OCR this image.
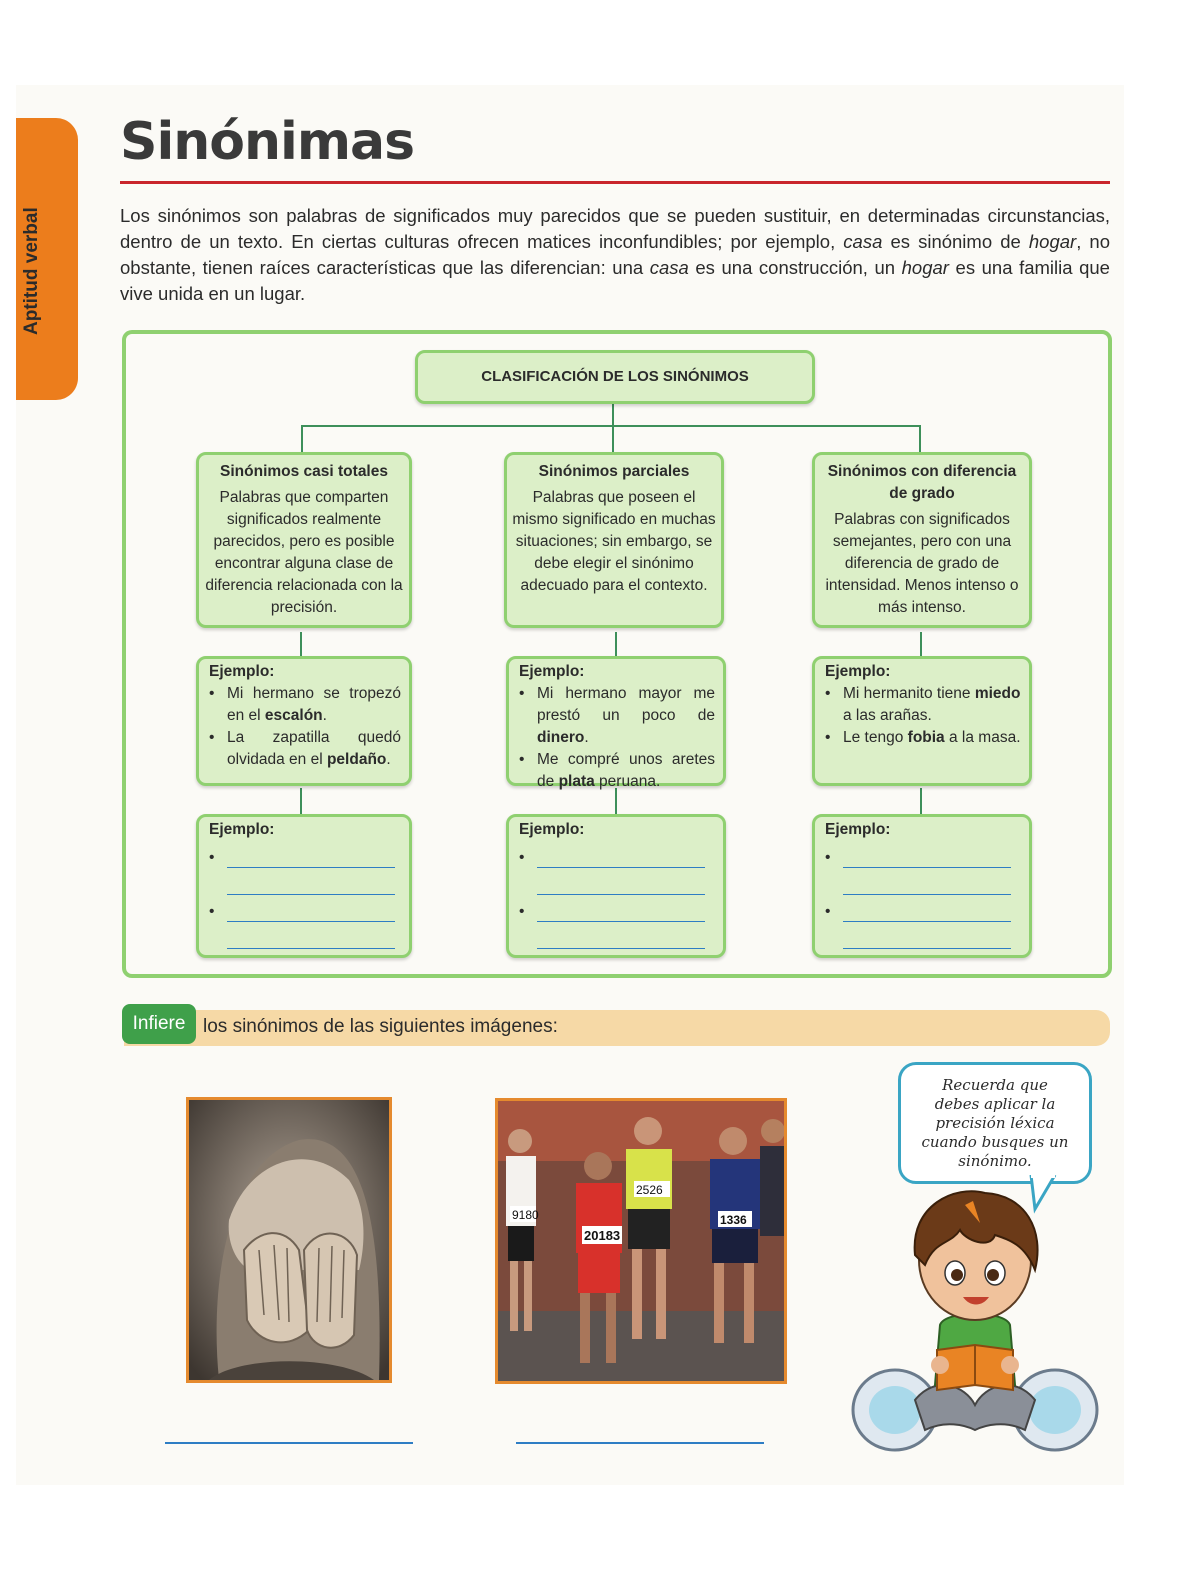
Aptitud verbal
Sinónimas
Los sinónimos son palabras de significados muy parecidos que se pueden sustituir, en determinadas circunstancias, dentro de un texto. En ciertas culturas ofrecen matices inconfundibles; por ejemplo, casa es sinónimo de hogar, no obstante, tienen raíces características que las diferencian: una casa es una construcción, un hogar es una familia que vive unida en un lugar.
CLASIFICACIÓN DE LOS SINÓNIMOS
Sinónimos casi totales
Palabras que comparten significados realmente parecidos, pero es posible encontrar alguna clase de diferencia relacionada con la precisión.

Ejemplo:

• Mi hermano se tropezó en el escalón.
• La zapatilla quedó olvidada en el peldaño.

Ejemplo:

•
•
Sinónimos parciales
Palabras que poseen el mismo significado en muchas situaciones; sin embargo, se debe elegir el sinónimo adecuado para el contexto.

Ejemplo:

• Mi hermano mayor me prestó un poco de dinero.
• Me compré unos aretes de plata peruana.

Ejemplo:

•
•
Sinónimos con diferencia de grado
Palabras con significados semejantes, pero con una diferencia de grado de intensidad. Menos intenso o más intenso.

Ejemplo:

• Mi hermanito tiene miedo a las arañas.
• Le tengo fobia a la masa.

Ejemplo:

•
•
Infiere los sinónimos de las siguientes imágenes:
9180
20183
2526
1336
Recuerda que
debes aplicar la
precisión léxica
cuando busques un
sinónimo.
